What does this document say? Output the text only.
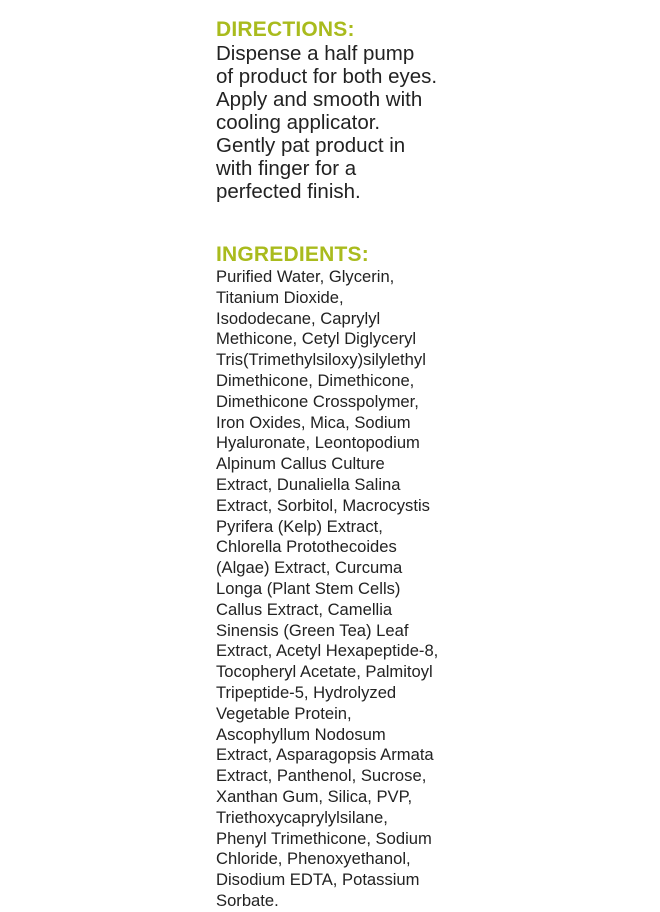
DIRECTIONS:
Dispense a half pump
of product for both eyes.
Apply and smooth with
cooling applicator.
Gently pat product in
with finger for a
perfected finish.
INGREDIENTS:
Purified Water, Glycerin,
Titanium Dioxide,
Isododecane, Caprylyl
Methicone, Cetyl Diglyceryl
Tris(Trimethylsiloxy)silylethyl
Dimethicone, Dimethicone,
Dimethicone Crosspolymer,
Iron Oxides, Mica, Sodium
Hyaluronate, Leontopodium
Alpinum Callus Culture
Extract, Dunaliella Salina
Extract, Sorbitol, Macrocystis
Pyrifera (Kelp) Extract,
Chlorella Protothecoides
(Algae) Extract, Curcuma
Longa (Plant Stem Cells)
Callus Extract, Camellia
Sinensis (Green Tea) Leaf
Extract, Acetyl Hexapeptide-8,
Tocopheryl Acetate, Palmitoyl
Tripeptide-5, Hydrolyzed
Vegetable Protein,
Ascophyllum Nodosum
Extract, Asparagopsis Armata
Extract, Panthenol, Sucrose,
Xanthan Gum, Silica, PVP,
Triethoxycaprylylsilane,
Phenyl Trimethicone, Sodium
Chloride, Phenoxyethanol,
Disodium EDTA, Potassium
Sorbate.
